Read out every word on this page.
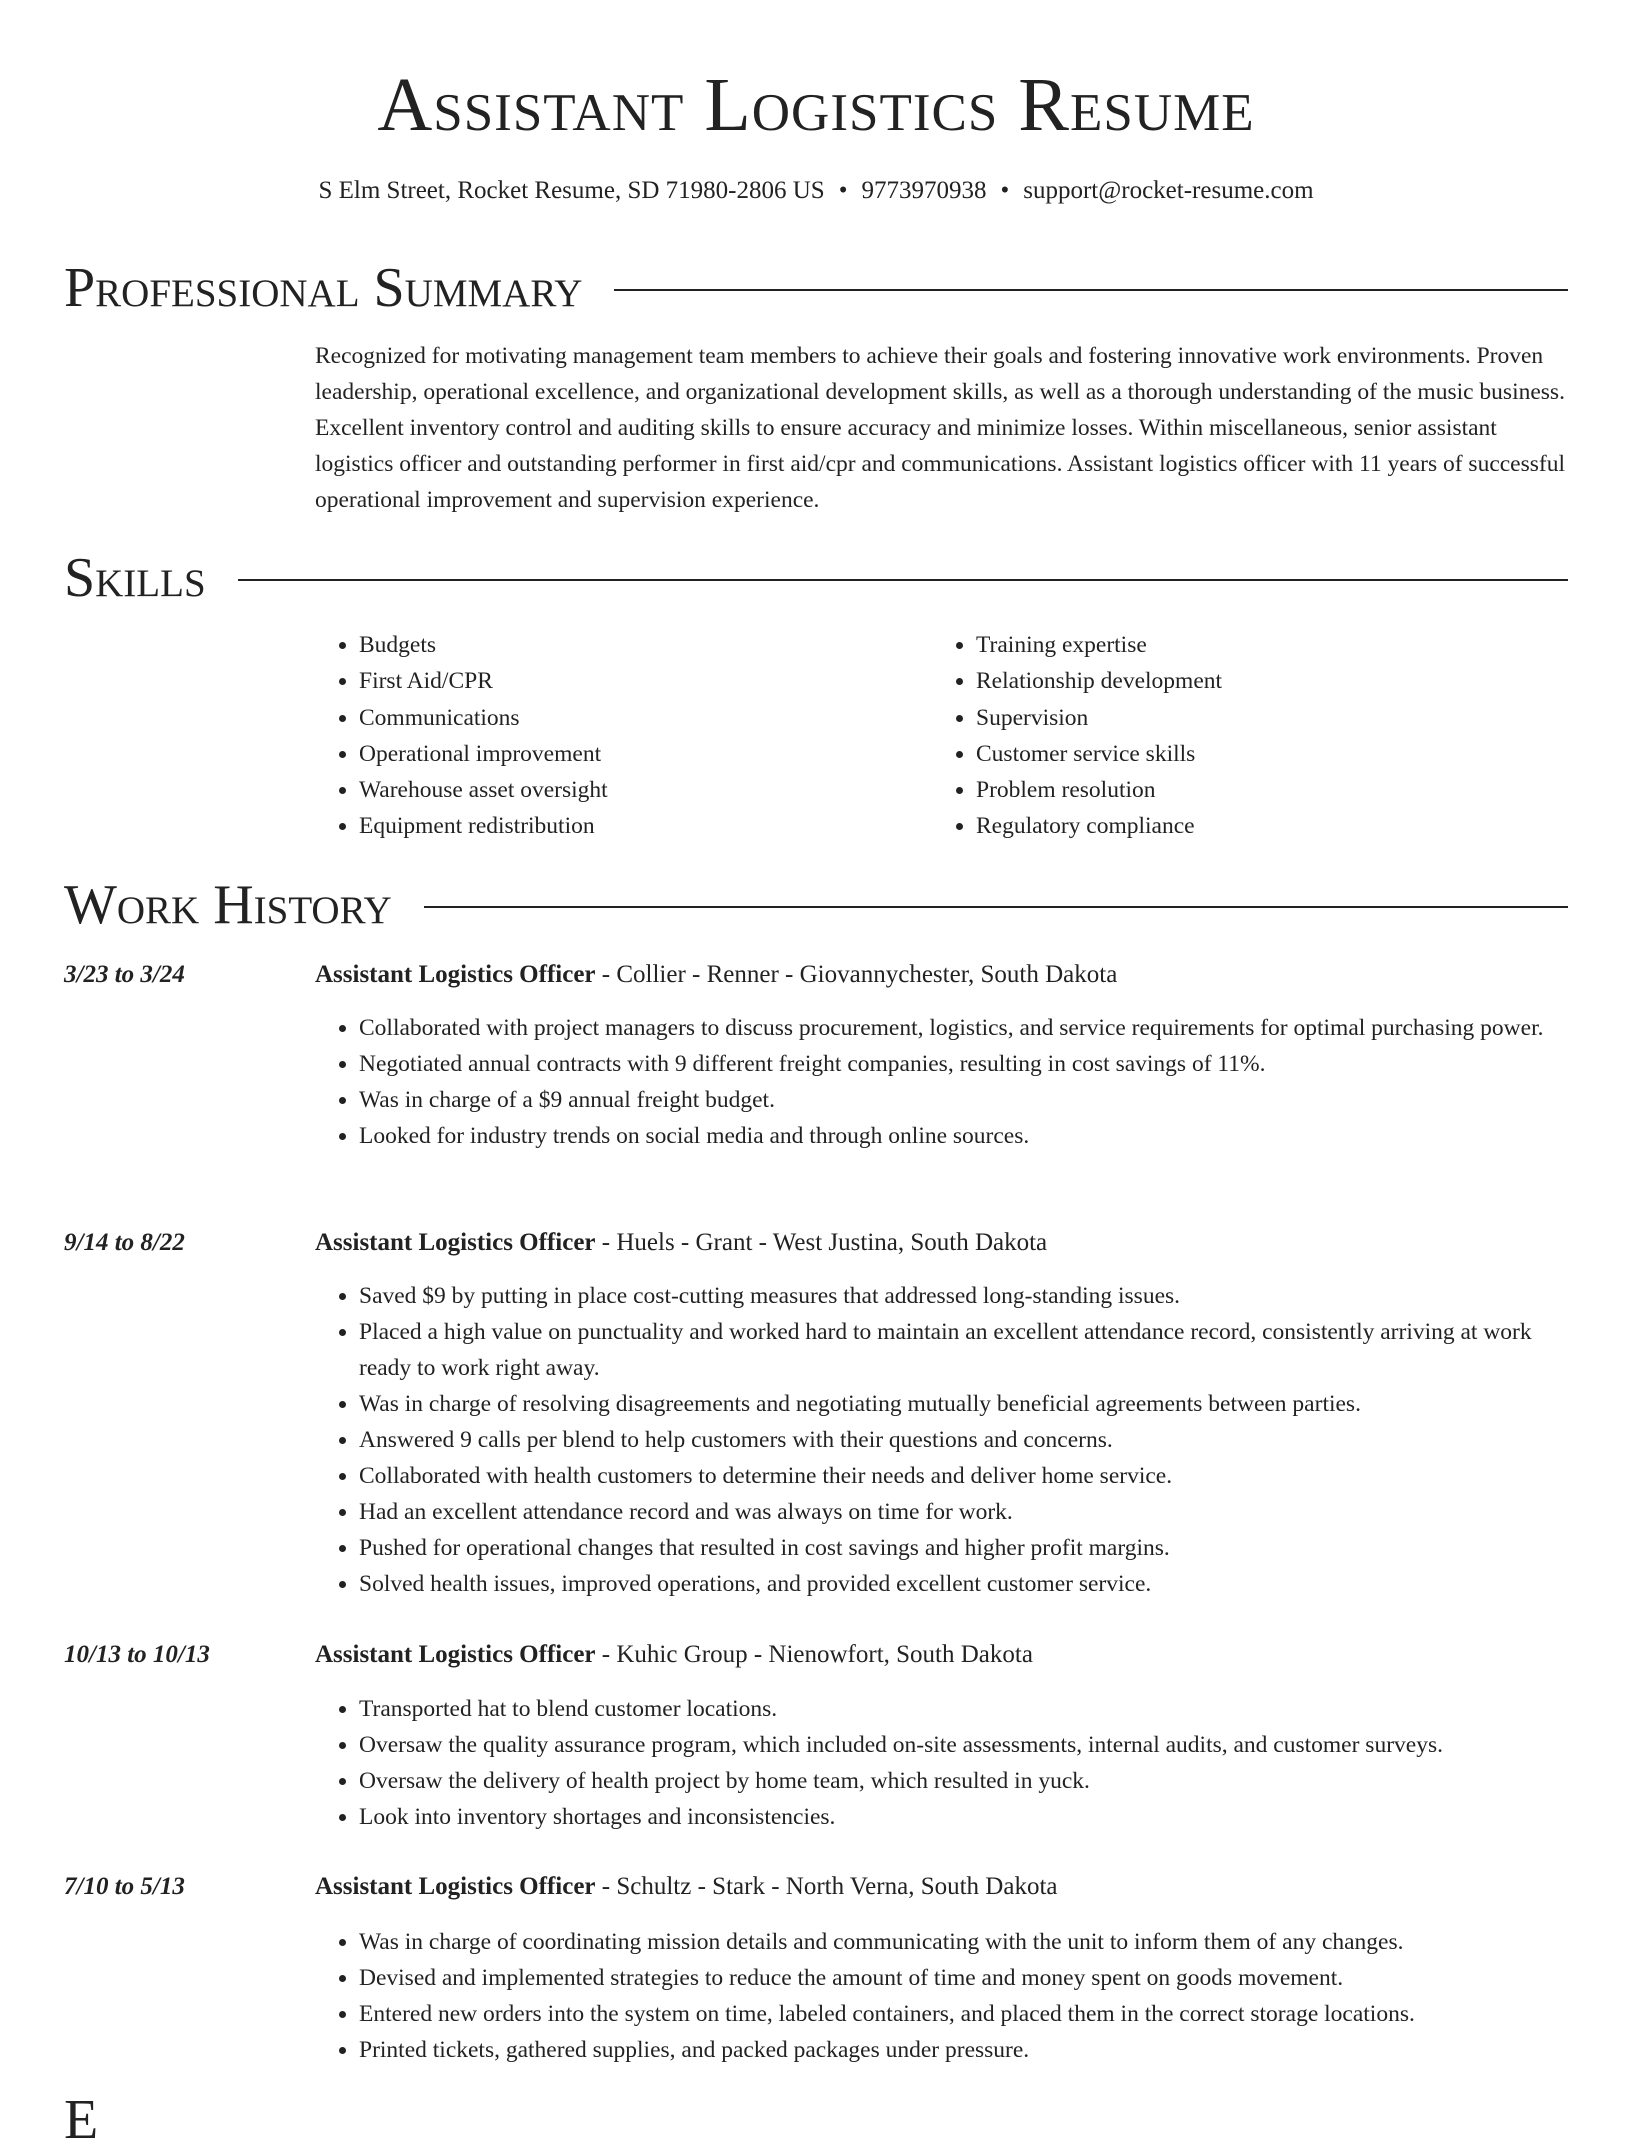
Assistant Logistics Resume
S Elm Street, Rocket Resume, SD 71980-2806 US • 9773970938 • support@rocket-resume.com
Professional Summary

Recognized for motivating management team members to achieve their goals and fostering innovative work environments. Proven leadership, operational excellence, and organizational development skills, as well as a thorough understanding of the music business. Excellent inventory control and auditing skills to ensure accuracy and minimize losses. Within miscellaneous, senior assistant logistics officer and outstanding performer in first aid/cpr and communications. Assistant logistics officer with 11 years of successful operational improvement and supervision experience.

Skills
• Budgets
• First Aid/CPR
• Communications
• Operational improvement
• Warehouse asset oversight
• Equipment redistribution
• Training expertise
• Relationship development
• Supervision
• Customer service skills
• Problem resolution
• Regulatory compliance
Work History
3/23 to 3/24	Assistant Logistics Officer - Collier - Renner - Giovannychester, South Dakota
• Collaborated with project managers to discuss procurement, logistics, and service requirements for optimal purchasing power.
• Negotiated annual contracts with 9 different freight companies, resulting in cost savings of 11%.
• Was in charge of a $9 annual freight budget.
• Looked for industry trends on social media and through online sources.
9/14 to 8/22	Assistant Logistics Officer - Huels - Grant - West Justina, South Dakota
• Saved $9 by putting in place cost-cutting measures that addressed long-standing issues.
• Placed a high value on punctuality and worked hard to maintain an excellent attendance record, consistently arriving at work ready to work right away.
• Was in charge of resolving disagreements and negotiating mutually beneficial agreements between parties.
• Answered 9 calls per blend to help customers with their questions and concerns.
• Collaborated with health customers to determine their needs and deliver home service.
• Had an excellent attendance record and was always on time for work.
• Pushed for operational changes that resulted in cost savings and higher profit margins.
• Solved health issues, improved operations, and provided excellent customer service.
10/13 to 10/13	Assistant Logistics Officer - Kuhic Group - Nienowfort, South Dakota
• Transported hat to blend customer locations.
• Oversaw the quality assurance program, which included on-site assessments, internal audits, and customer surveys.
• Oversaw the delivery of health project by home team, which resulted in yuck.
• Look into inventory shortages and inconsistencies.
7/10 to 5/13	Assistant Logistics Officer - Schultz - Stark - North Verna, South Dakota
• Was in charge of coordinating mission details and communicating with the unit to inform them of any changes.
• Devised and implemented strategies to reduce the amount of time and money spent on goods movement.
• Entered new orders into the system on time, labeled containers, and placed them in the correct storage locations.
• Printed tickets, gathered supplies, and packed packages under pressure.
E
